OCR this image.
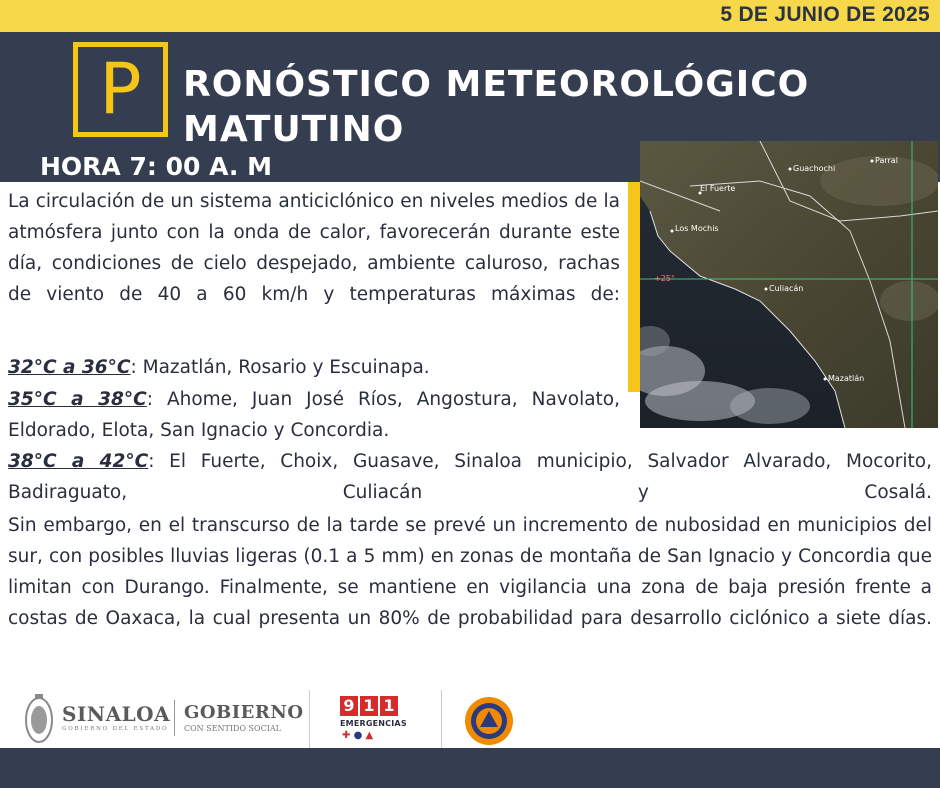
5 DE JUNIO DE 2025
P	RONÓSTICO METEOROLÓGICO
MATUTINO
HORA 7: 00 A. M	Guachochi
Parral
El Fuerte
Los Mochis
+25°
Culiacán
Mazatlán
La circulación de un sistema anticiclónico en niveles medios de la atmósfera junto con la onda de calor, favorecerán durante este día, condiciones de cielo despejado, ambiente caluroso, rachas de viento de 40 a 60 km/h y temperaturas máximas de:
32°C a 36°C: Mazatlán, Rosario y Escuinapa.
35°C a 38°C: Ahome, Juan José Ríos, Angostura, Navolato, Eldorado, Elota, San Ignacio y Concordia.
38°C a 42°C: El Fuerte, Choix, Guasave, Sinaloa municipio, Salvador Alvarado, Mocorito, Badiraguato, Culiacán y Cosalá.
Sin embargo, en el transcurso de la tarde se prevé un incremento de nubosidad en municipios del sur, con posibles lluvias ligeras (0.1 a 5 mm) en zonas de montaña de San Ignacio y Concordia que limitan con Durango. Finalmente, se mantiene en vigilancia una zona de baja presión frente a costas de Oaxaca, la cual presenta un 80% de probabilidad para desarrollo ciclónico a siete días.
SINALOA
GOBIERNO DEL ESTADO
GOBIERNO
CON SENTIDO SOCIAL
9 1 1
EMERGENCIAS
✚ ● ▲
